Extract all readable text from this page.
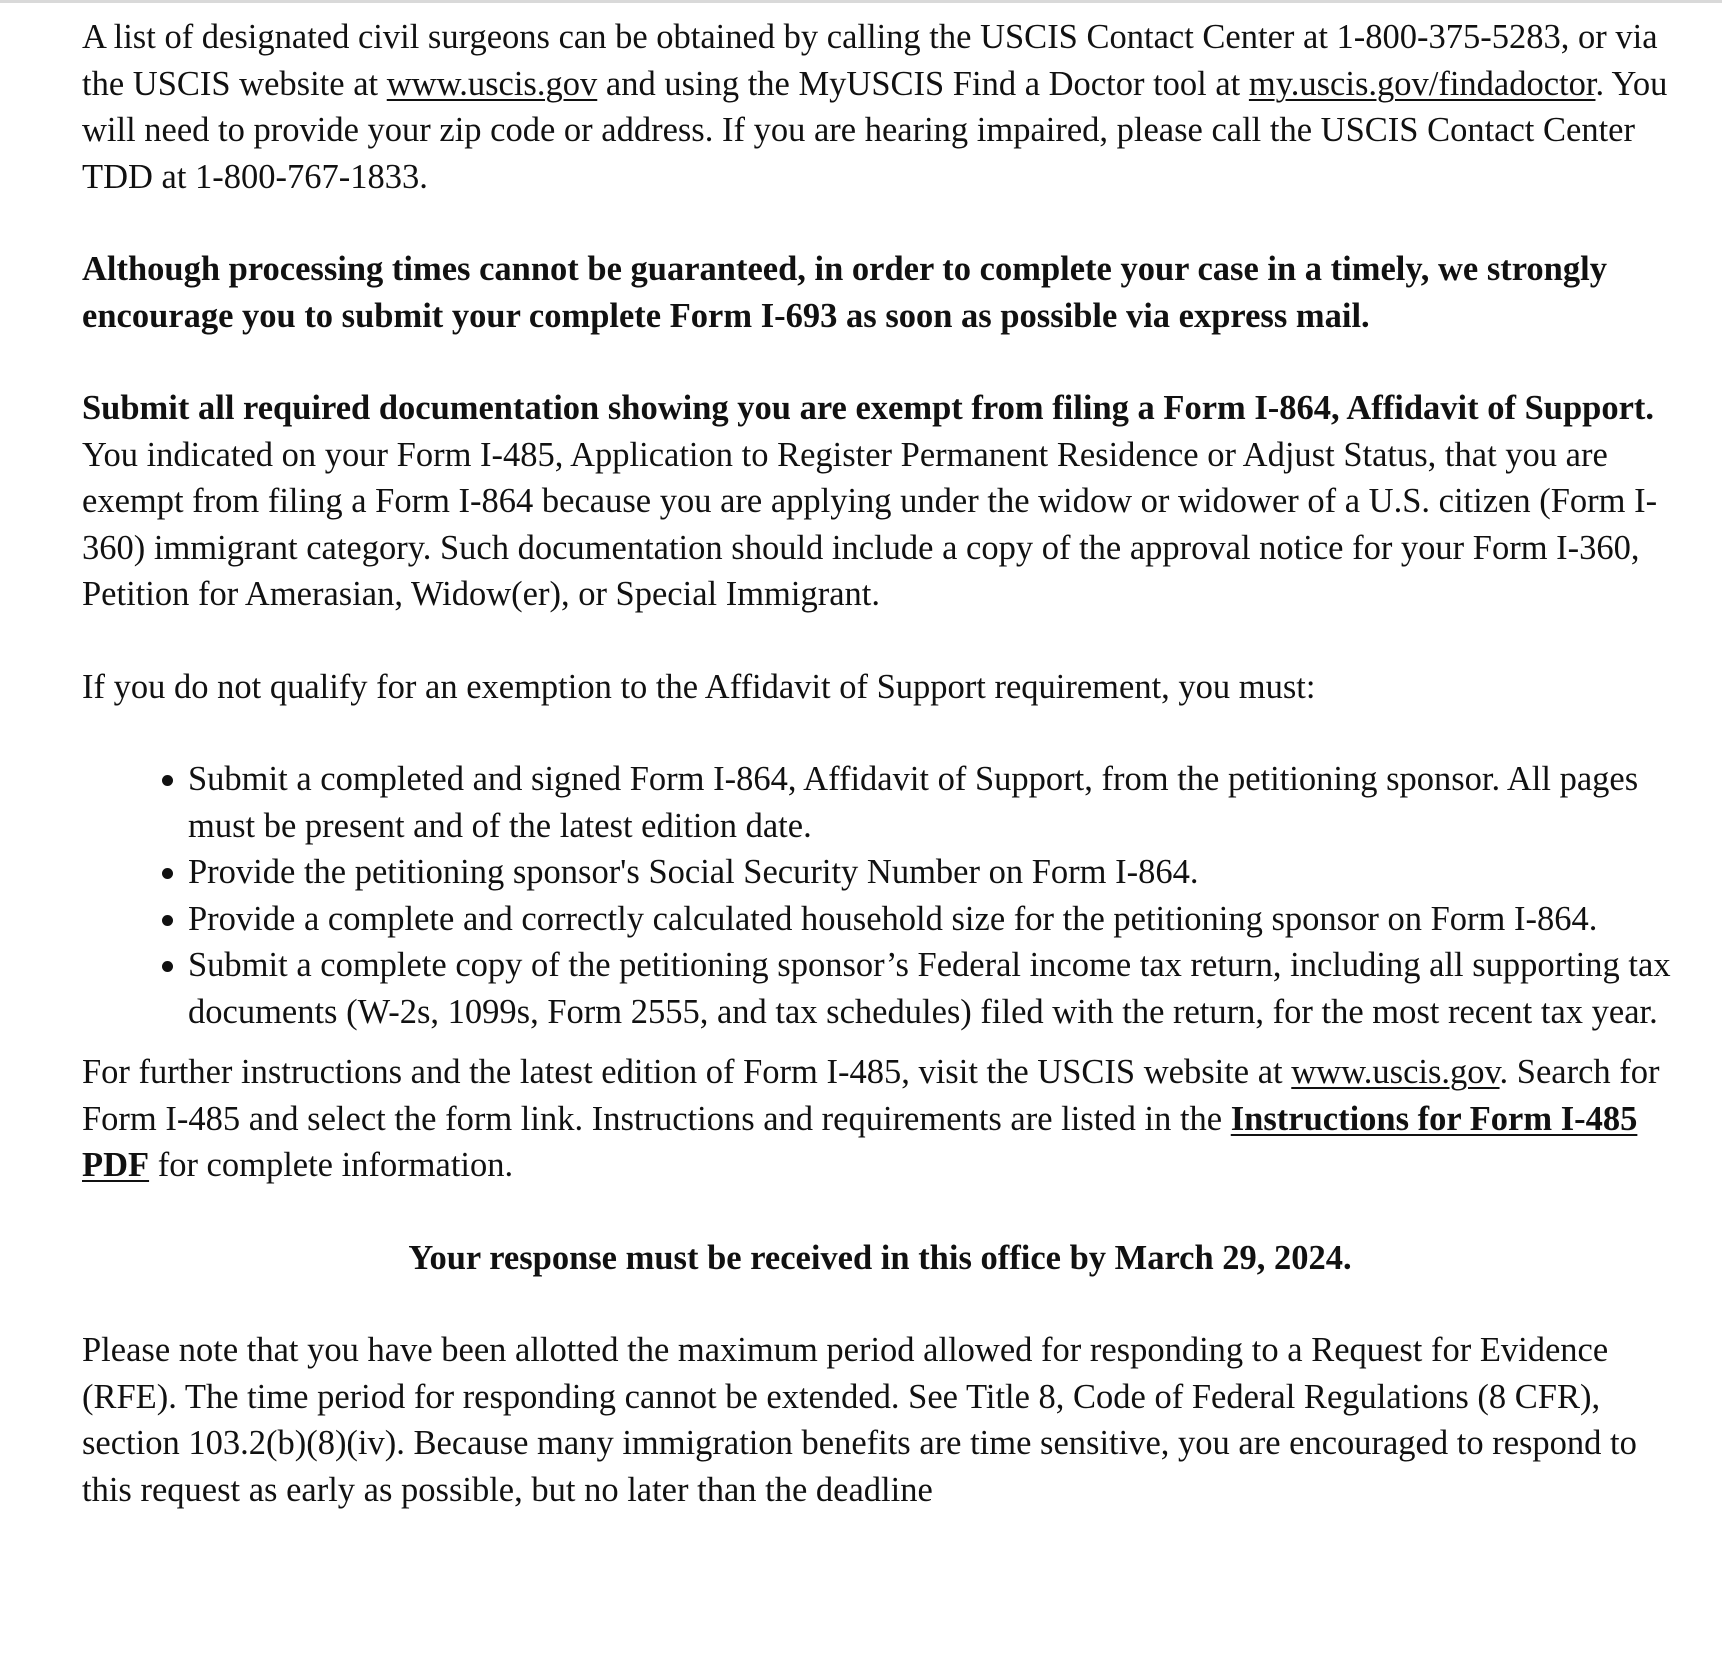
A list of designated civil surgeons can be obtained by calling the USCIS Contact Center at 1-800-375-5283, or via the USCIS website at www.uscis.gov and using the MyUSCIS Find a Doctor tool at my.uscis.gov/findadoctor. You will need to provide your zip code or address. If you are hearing impaired, please call the USCIS Contact Center TDD at 1-800-767-1833.

Although processing times cannot be guaranteed, in order to complete your case in a timely, we strongly encourage you to submit your complete Form I-693 as soon as possible via express mail.

Submit all required documentation showing you are exempt from filing a Form I-864, Affidavit of Support. You indicated on your Form I-485, Application to Register Permanent Residence or Adjust Status, that you are exempt from filing a Form I-864 because you are applying under the widow or widower of a U.S. citizen (Form I-360) immigrant category. Such documentation should include a copy of the approval notice for your Form I-360, Petition for Amerasian, Widow(er), or Special Immigrant.

If you do not qualify for an exemption to the Affidavit of Support requirement, you must:

Submit a completed and signed Form I-864, Affidavit of Support, from the petitioning sponsor. All pages must be present and of the latest edition date.
Provide the petitioning sponsor's Social Security Number on Form I-864.
Provide a complete and correctly calculated household size for the petitioning sponsor on Form I-864.
Submit a complete copy of the petitioning sponsor’s Federal income tax return, including all supporting tax documents (W-2s, 1099s, Form 2555, and tax schedules) filed with the return, for the most recent tax year.

For further instructions and the latest edition of Form I-485, visit the USCIS website at www.uscis.gov. Search for Form I-485 and select the form link. Instructions and requirements are listed in the Instructions for Form I-485 PDF for complete information.

Your response must be received in this office by March 29, 2024.

Please note that you have been allotted the maximum period allowed for responding to a Request for Evidence (RFE). The time period for responding cannot be extended. See Title 8, Code of Federal Regulations (8 CFR), section 103.2(b)(8)(iv). Because many immigration benefits are time sensitive, you are encouraged to respond to this request as early as possible, but no later than the deadline
